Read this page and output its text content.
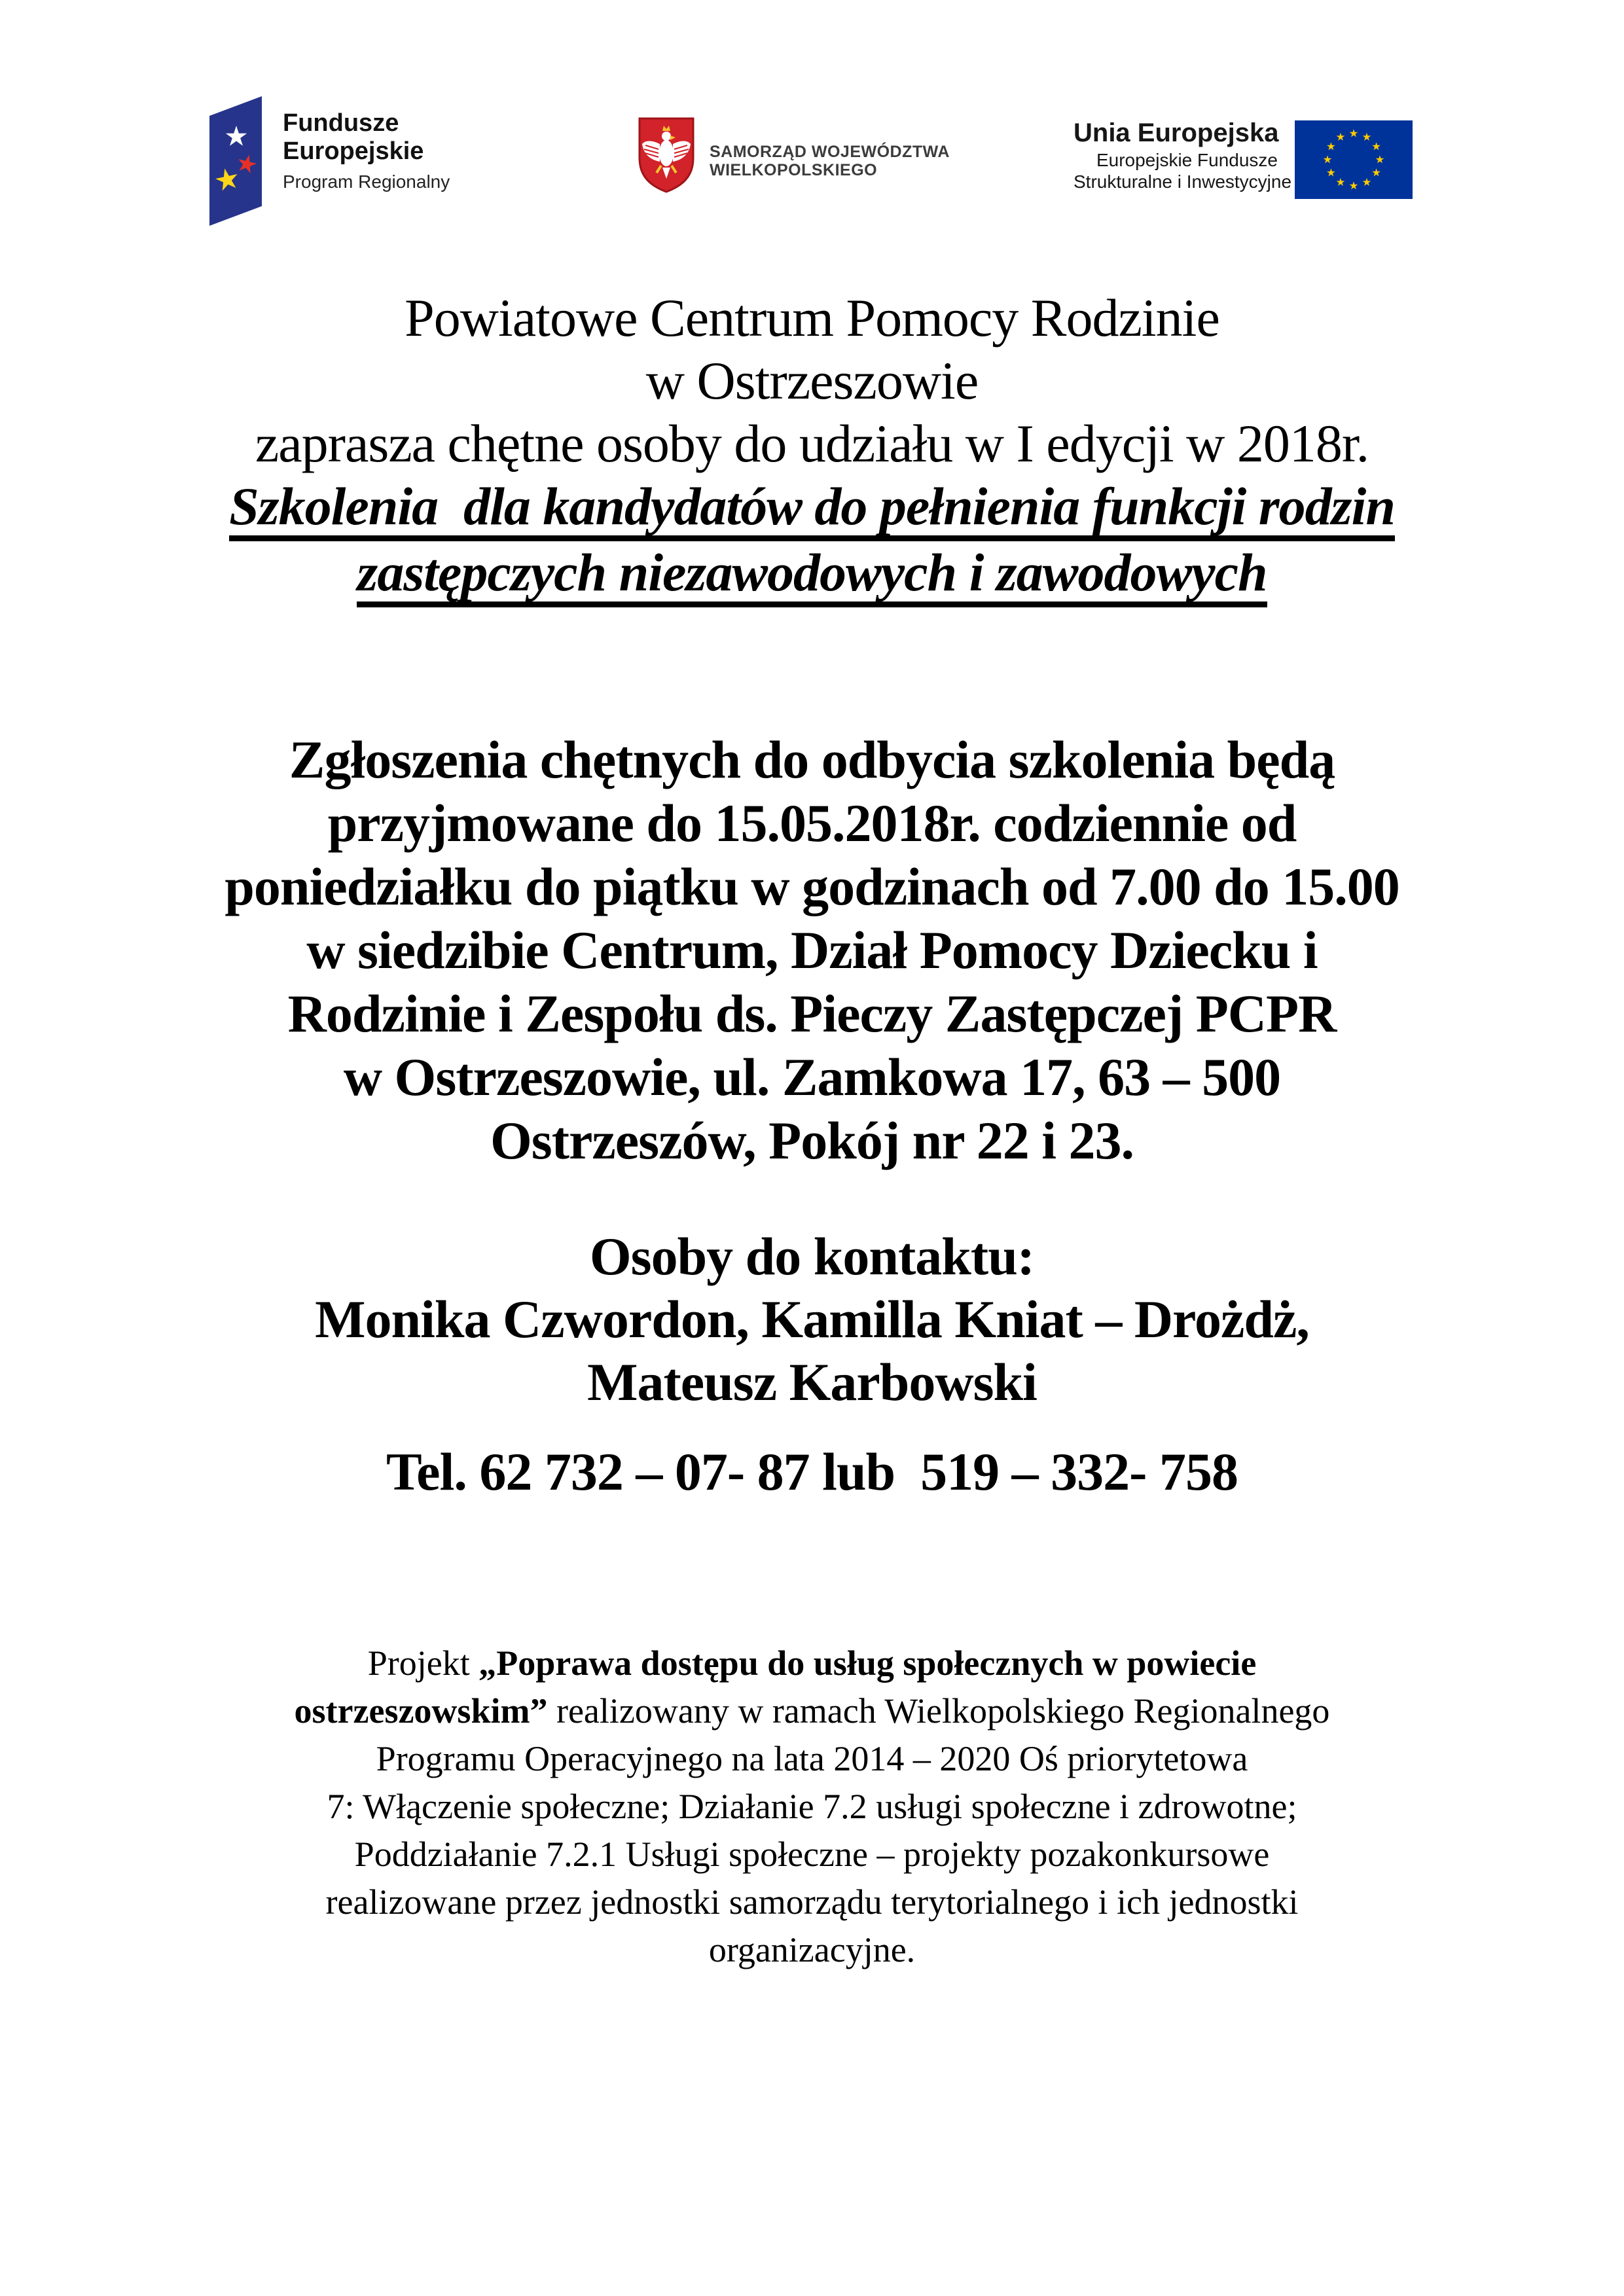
Fundusze
Europejskie
Program Regionalny
SAMORZĄD WOJEWÓDZTWA
WIELKOPOLSKIEGO
Unia Europejska
Europejskie Fundusze
Strukturalne i Inwestycyjne
Powiatowe Centrum Pomocy Rodzinie
w Ostrzeszowie
zaprasza chętne osoby do udziału w I edycji w 2018r.
Szkolenia  dla kandydatów do pełnienia funkcji rodzin
zastępczych niezawodowych i zawodowych
Zgłoszenia chętnych do odbycia szkolenia będą
przyjmowane do 15.05.2018r. codziennie od
poniedziałku do piątku w godzinach od 7.00 do 15.00
w siedzibie Centrum, Dział Pomocy Dziecku i
Rodzinie i Zespołu ds. Pieczy Zastępczej PCPR
w Ostrzeszowie, ul. Zamkowa 17, 63 – 500
Ostrzeszów, Pokój nr 22 i 23.
Osoby do kontaktu:
Monika Czwordon, Kamilla Kniat – Drożdż,
Mateusz Karbowski
Tel. 62 732 – 07- 87 lub  519 – 332- 758
Projekt „Poprawa dostępu do usług społecznych w powiecie
ostrzeszowskim” realizowany w ramach Wielkopolskiego Regionalnego
Programu Operacyjnego na lata 2014 – 2020 Oś priorytetowa
7: Włączenie społeczne; Działanie 7.2 usługi społeczne i zdrowotne;
Poddziałanie 7.2.1 Usługi społeczne – projekty pozakonkursowe
realizowane przez jednostki samorządu terytorialnego i ich jednostki
organizacyjne.
